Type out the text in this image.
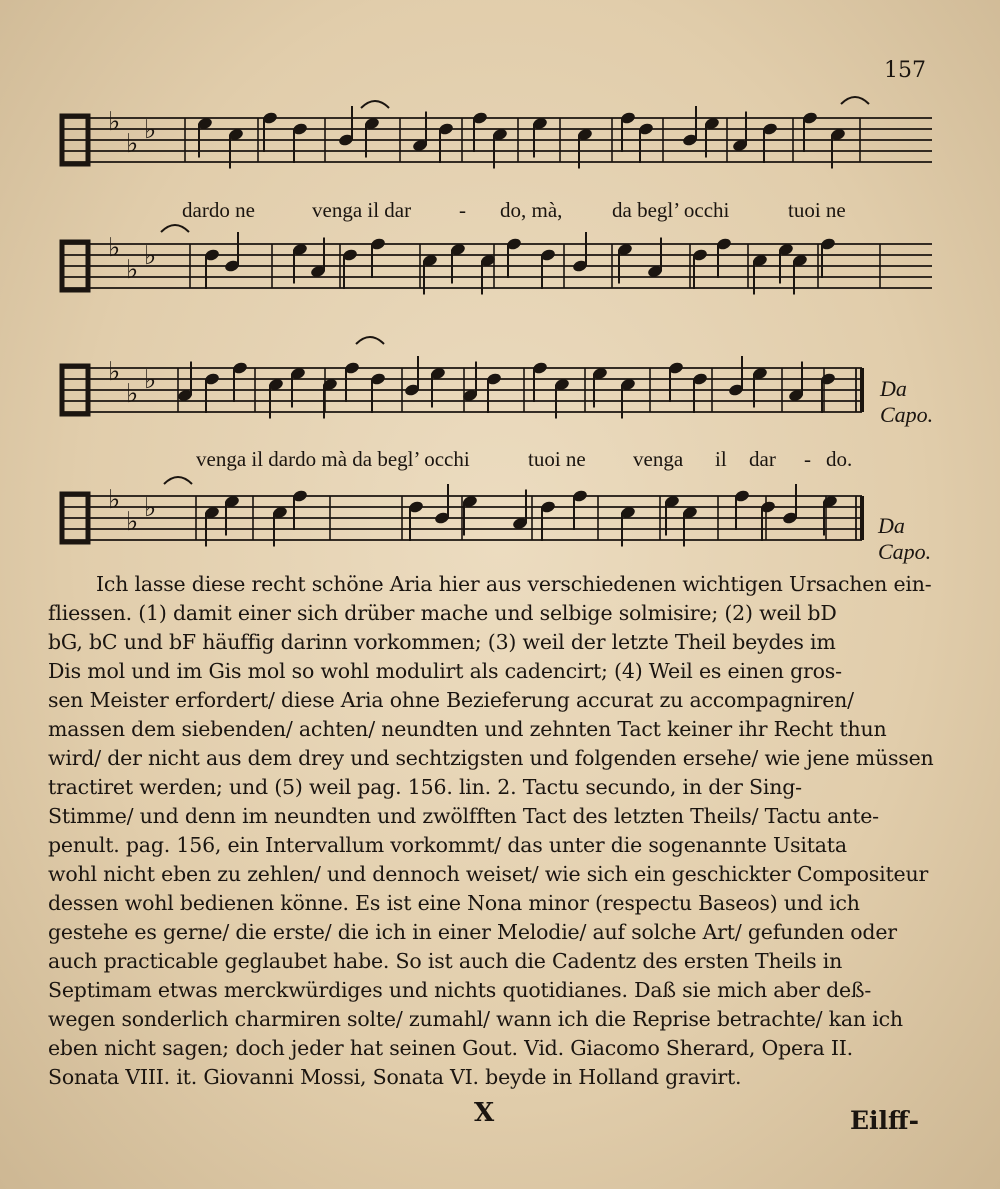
157
♭
♭ ♭
♭
♭ ♭
♭
♭ ♭
♭
♭ ♭
dardo ne	venga il dar - do, mà, da begl’ occhi	tuoi ne
venga il dardo mà da begl’ occhi	tuoi ne venga il dar - do.
Da
Capo.
Da
Capo.
Ich lasse diese recht schöne Aria hier aus verschiedenen wichtigen Ursachen ein-
fliessen. (1) damit einer sich drüber mache und selbige solmisire; (2) weil bD
bG, bC und bF häuffig darinn vorkommen; (3) weil der letzte Theil beydes im
Dis mol und im Gis mol so wohl modulirt als cadencirt; (4) Weil es einen gros-
sen Meister erfordert/ diese Aria ohne Bezieferung accurat zu accompagniren/
massen dem siebenden/ achten/ neundten und zehnten Tact keiner ihr Recht thun
wird/ der nicht aus dem drey und sechtzigsten und folgenden ersehe/ wie jene müssen
tractiret werden; und (5) weil pag. 156. lin. 2. Tactu secundo, in der Sing-
Stimme/ und denn im neundten und zwölfften Tact des letzten Theils/ Tactu ante-
penult. pag. 156, ein Intervallum vorkommt/ das unter die sogenannte Usitata
wohl nicht eben zu zehlen/ und dennoch weiset/ wie sich ein geschickter Compositeur
dessen wohl bedienen könne. Es ist eine Nona minor (respectu Baseos) und ich
gestehe es gerne/ die erste/ die ich in einer Melodie/ auf solche Art/ gefunden oder
auch practicable geglaubet habe. So ist auch die Cadentz des ersten Theils in
Septimam etwas merckwürdiges und nichts quotidianes. Daß sie mich aber deß-
wegen sonderlich charmiren solte/ zumahl/ wann ich die Reprise betrachte/ kan ich
eben nicht sagen; doch jeder hat seinen Gout. Vid. Giacomo Sherard, Opera II.
Sonata VIII. it. Giovanni Mossi, Sonata VI. beyde in Holland gravirt.
X	Eilff-
